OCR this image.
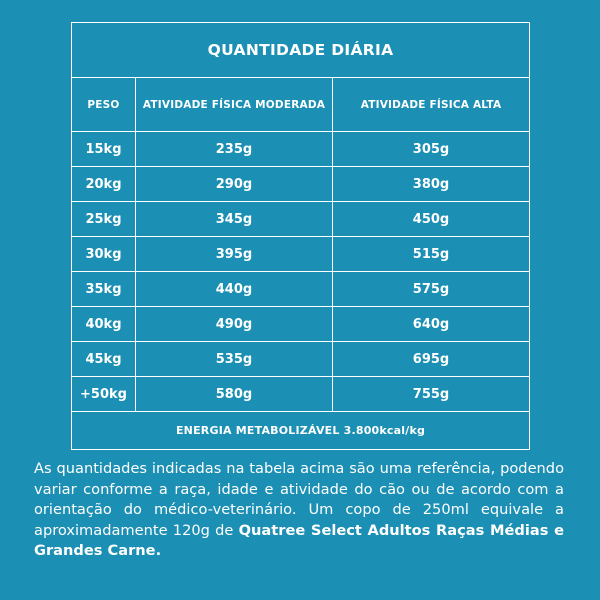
QUANTIDADE DIÁRIA		
PESO	ATIVIDADE FÍSICA MODERADA	ATIVIDADE FÍSICA ALTA
15kg	235g	305g
20kg	290g	380g
25kg	345g	450g
30kg	395g	515g
35kg	440g	575g
40kg	490g	640g
45kg	535g	695g
+50kg	580g	755g
ENERGIA METABOLIZÁVEL 3.800kcal/kg		

As quantidades indicadas na tabela acima são uma referência, podendo variar conforme a raça, idade e atividade do cão ou de acordo com a orientação do médico-veterinário. Um copo de 250ml equivale a aproximadamente 120g de Quatree Select Adultos Raças Médias e Grandes Carne.
